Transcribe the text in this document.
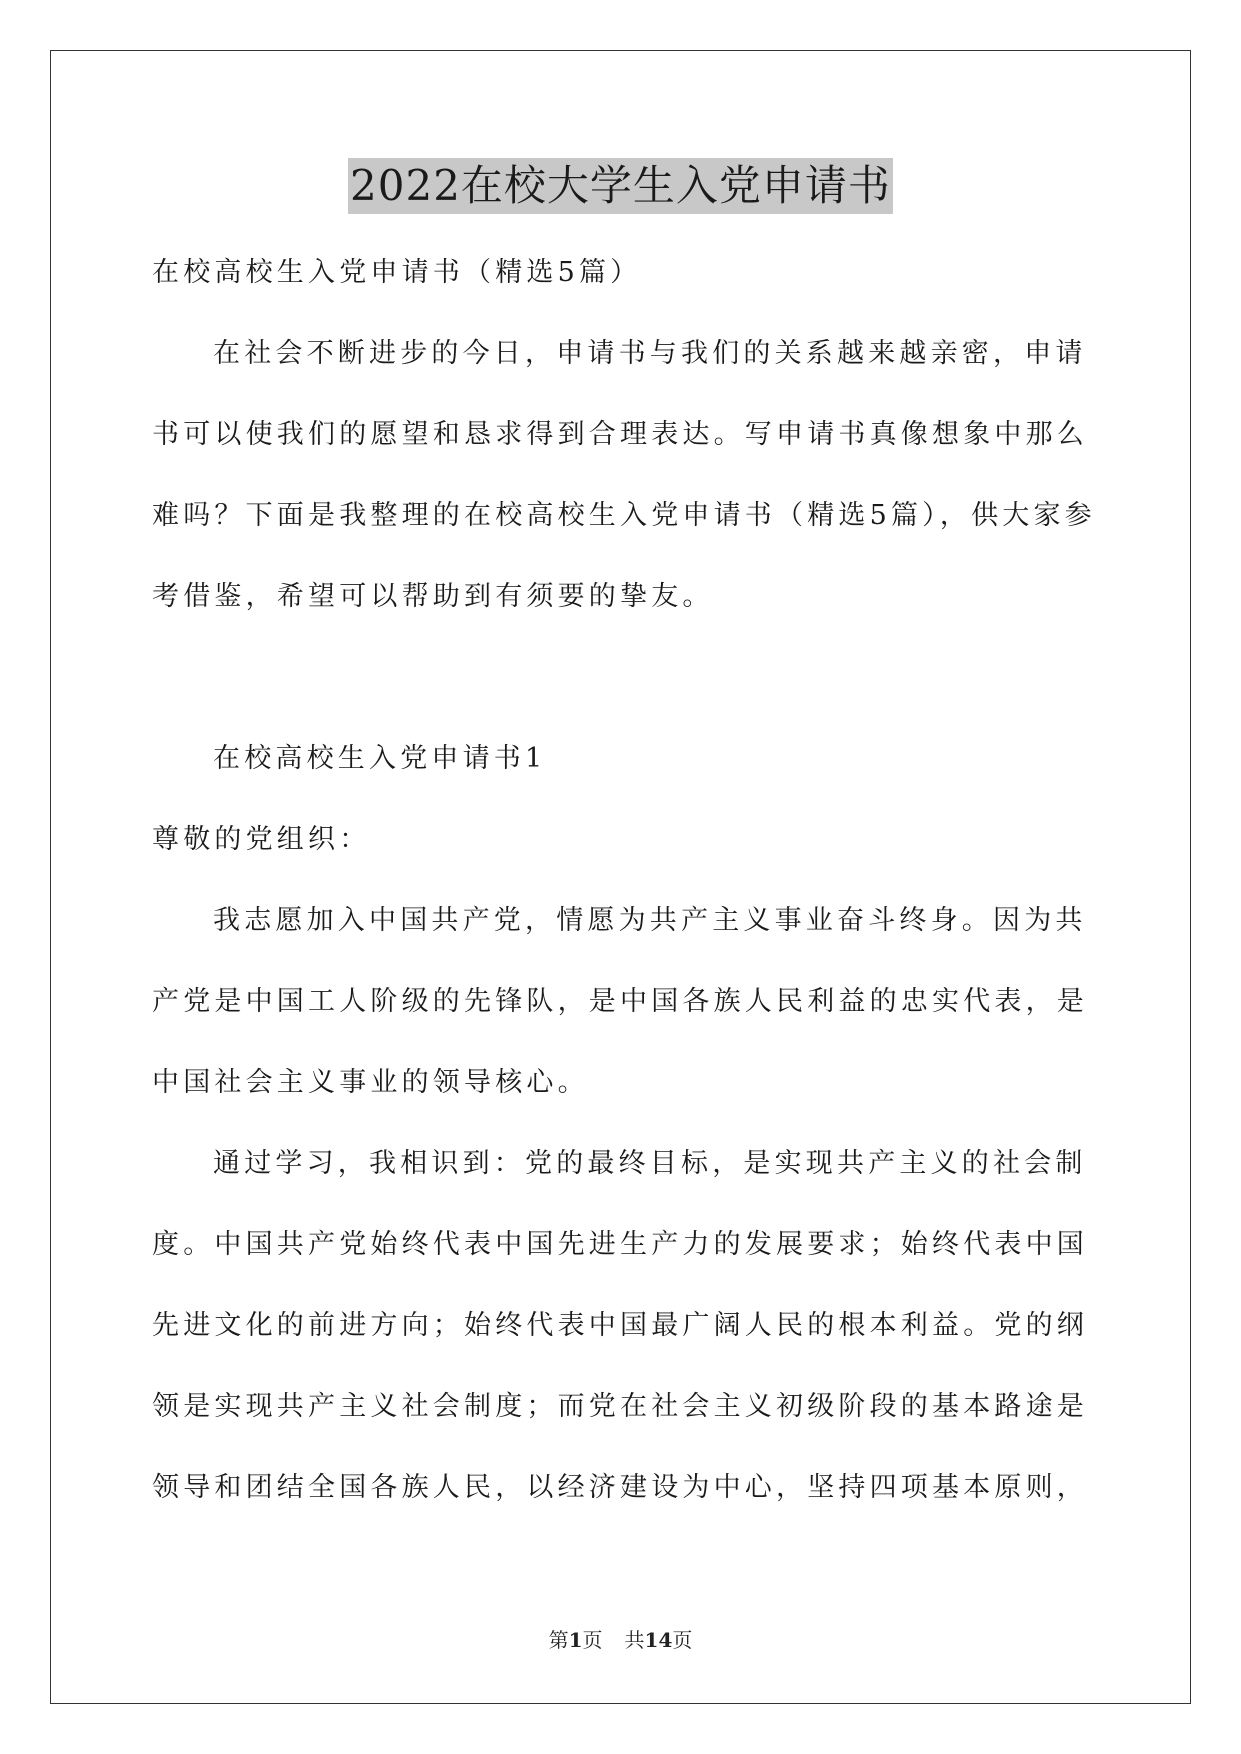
2022在校大学生入党申请书

在校高校生入党申请书（精选5篇）

在社会不断进步的今日，申请书与我们的关系越来越亲密，申请

书可以使我们的愿望和恳求得到合理表达。写申请书真像想象中那么

难吗？下面是我整理的在校高校生入党申请书（精选5篇），供大家参

考借鉴，希望可以帮助到有须要的挚友。

在校高校生入党申请书1

尊敬的党组织：

我志愿加入中国共产党，情愿为共产主义事业奋斗终身。因为共

产党是中国工人阶级的先锋队，是中国各族人民利益的忠实代表，是

中国社会主义事业的领导核心。

通过学习，我相识到：党的最终目标，是实现共产主义的社会制

度。中国共产党始终代表中国先进生产力的发展要求；始终代表中国

先进文化的前进方向；始终代表中国最广阔人民的根本利益。党的纲

领是实现共产主义社会制度；而党在社会主义初级阶段的基本路途是

领导和团结全国各族人民，以经济建设为中心，坚持四项基本原则，

第1页 共14页
